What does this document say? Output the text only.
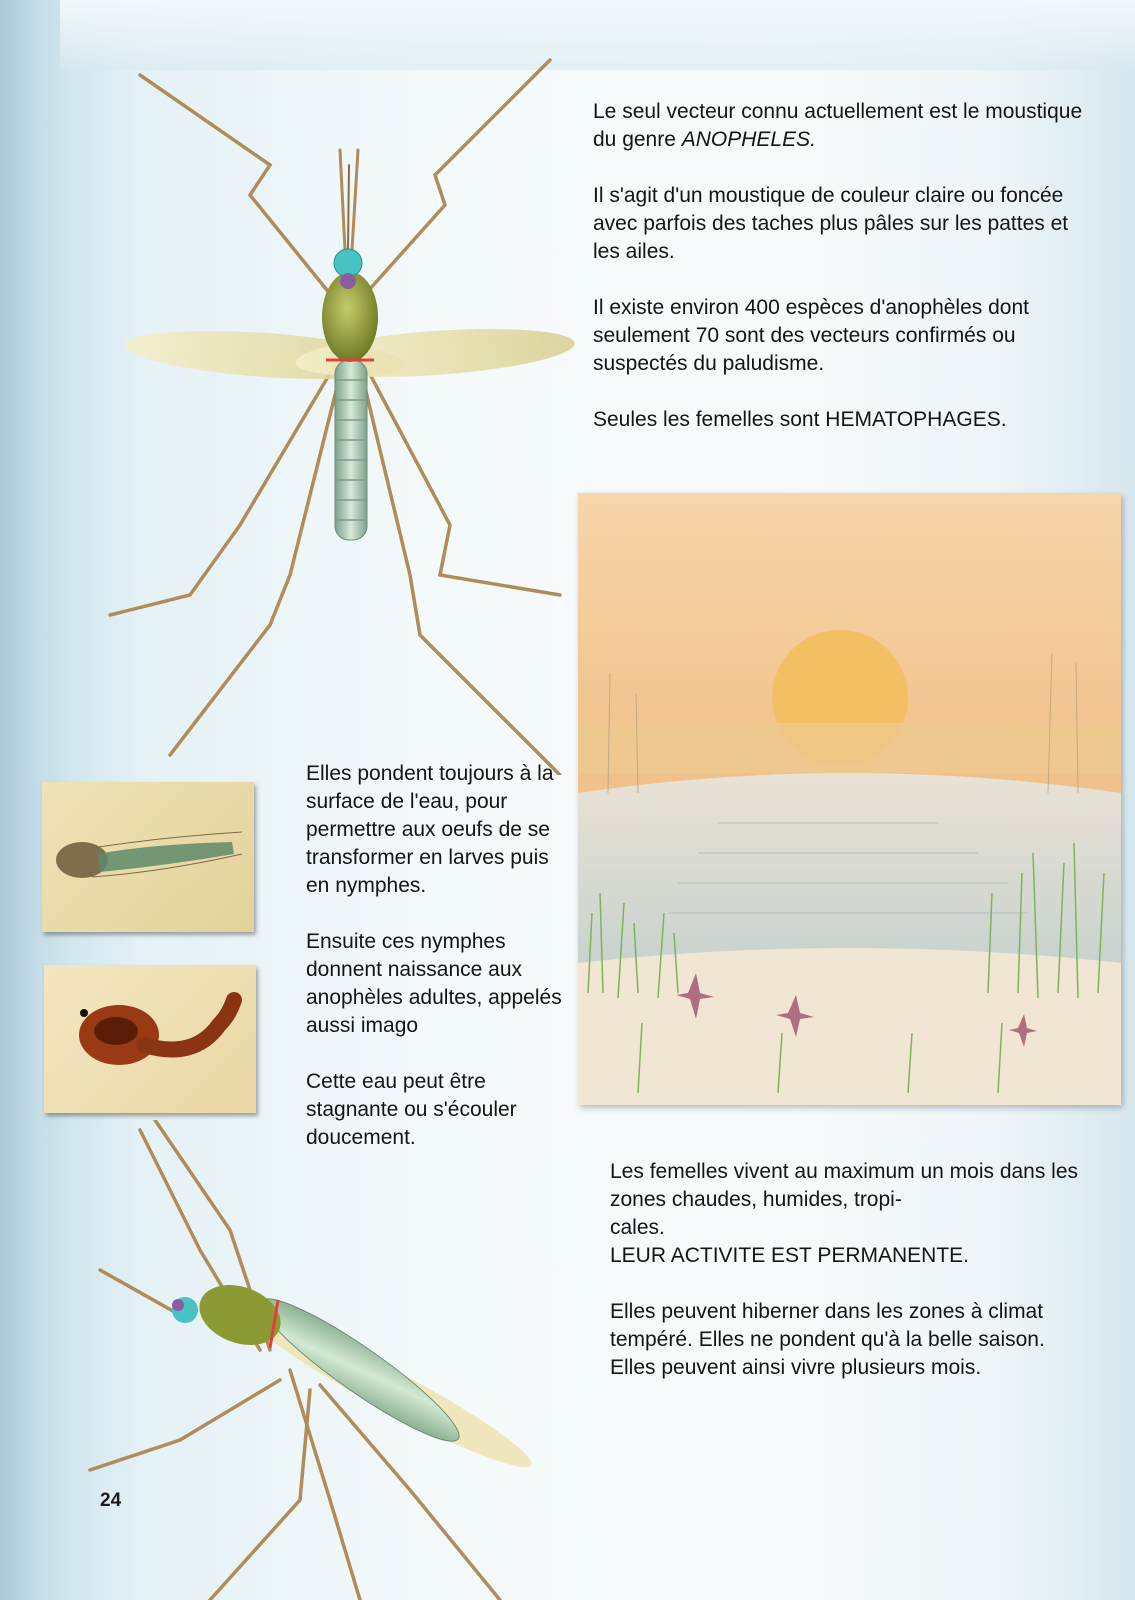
Le seul vecteur connu actuellement est le moustique du genre ANOPHELES.

Il s'agit d'un moustique de couleur claire ou foncée avec parfois des taches plus pâles sur les pattes et les ailes.

Il existe environ 400 espèces d'anophèles dont seulement 70 sont des vecteurs confirmés ou suspectés du paludisme.

Seules les femelles sont HEMATOPHAGES.

Elles pondent toujours à la surface de l'eau, pour permettre aux oeufs de se transformer en larves puis en nymphes.

Ensuite ces nymphes donnent naissance aux anophèles adultes, appelés aussi imago

Cette eau peut être stagnante ou s'écouler doucement.

Les femelles vivent au maximum un mois dans les zones chaudes, humides, tropi-
cales.
LEUR ACTIVITE EST PERMANENTE.

Elles peuvent hiberner dans les zones à climat tempéré. Elles ne pondent qu'à la belle saison.
Elles peuvent ainsi vivre plusieurs mois.

24
